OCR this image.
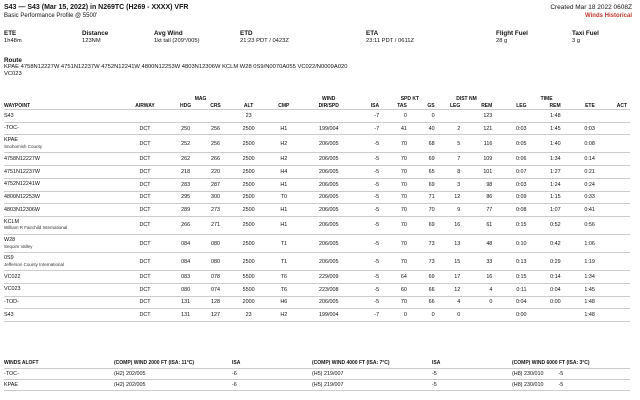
S43 — S43 (Mar 15, 2022) in N269TC (H269 - XXXX) VFR
Basic Performance Profile @ 5500'
Created Mar 18 2022 0608Z
Winds Historical
ETE
1h48m
Distance
123NM
Avg Wind
1kt tail (209°/005)
ETD
21:23 PDT / 0423Z
ETA
23:11 PDT / 0611Z
Flight Fuel
28 g
Taxi Fuel
3 g
Route
KPAE 4758N12227W 4751N12237W 4752N12241W 4800N12253W 4803N12306W KCLM W28 0S9/N0070A055 VC022/N0009A020
VC023
		MAG				WIND		SPD KT		DIST NM			TIME		
WAYPOINT	AIRWAY	HDG	CRS	ALT	CMP	DIR/SPD	ISA	TAS	GS	LEG	REM	LEG	REM	ETE	ACT
S43				23			-7	0	0		123		1:48		
-TOC-	DCT	250	256	2500	H1	199/004	-7	41	40	2	121	0:03	1:45	0:03	
KPAE
Snohomish County	DCT	252	256	2500	H2	206/005	-5	70	68	5	116	0:05	1:40	0:08	
4758N12227W	DCT	262	266	2500	H2	206/005	-5	70	69	7	109	0:06	1:34	0:14	
4751N12237W	DCT	218	220	2500	H4	206/005	-5	70	65	8	101	0:07	1:27	0:21	
4752N12241W	DCT	283	287	2500	H1	206/005	-5	70	69	3	98	0:03	1:24	0:24	
4800N12253W	DCT	295	300	2500	T0	206/005	-5	70	71	12	86	0:09	1:15	0:33	
4803N12306W	DCT	289	273	2500	H1	206/005	-5	70	70	9	77	0:08	1:07	0:41	
KCLM
William R Fairchild International	DCT	266	271	2500	H1	206/005	-5	70	69	16	61	0:15	0:52	0:56	
W28
Sequim Valley	DCT	084	080	2500	T1	206/005	-5	70	73	13	48	0:10	0:42	1:06	
0S9
Jefferson County International	DCT	084	080	2500	T1	206/005	-5	70	73	15	33	0:13	0:29	1:19	
VC022	DCT	083	078	5500	T6	229/009	-5	64	69	17	16	0:15	0:14	1:34	
VC023	DCT	080	074	5500	T6	223/008	-5	60	66	12	4	0:11	0:04	1:45	
-TOD-	DCT	131	128	2000	H6	206/005	-5	70	66	4	0	0:04	0:00	1:48	
S43	DCT	131	127	23	H2	199/004	-7	0	0	0		0:00		1:48	
WINDS ALOFT	(COMP) WIND 2000 FT (ISA: 11°C)	ISA	(COMP) WIND 4000 FT (ISA: 7°C)	ISA	(COMP) WIND 6000 FT (ISA: 3°C)
-TOC-	(H2) 202/005	-6	(H5) 219/007	-5	(H8) 230/010 -5
KPAE	(H2) 202/005	-6	(H5) 219/007	-5	(H8) 230/010 -5
